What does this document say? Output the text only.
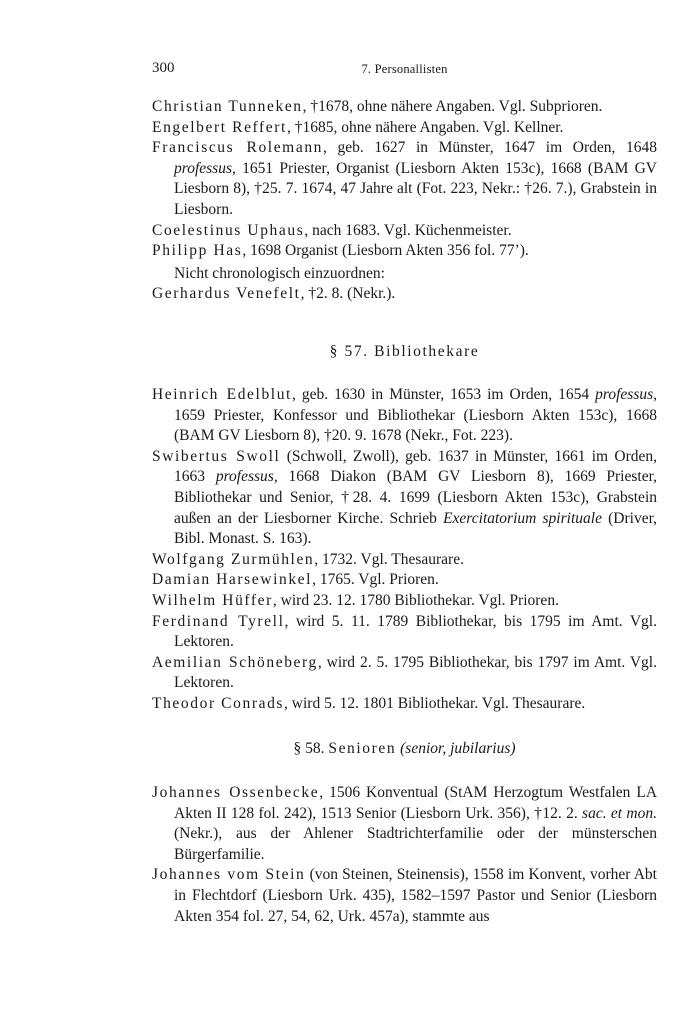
300	7. Personallisten
Christian Tunneken, †1678, ohne nähere Angaben. Vgl. Subprioren.
Engelbert Reffert, †1685, ohne nähere Angaben. Vgl. Kellner.
Franciscus Rolemann, geb. 1627 in Münster, 1647 im Orden, 1648 professus, 1651 Priester, Organist (Liesborn Akten 153c), 1668 (BAM GV Liesborn 8), †25. 7. 1674, 47 Jahre alt (Fot. 223, Nekr.: †26. 7.), Grabstein in Liesborn.
Coelestinus Uphaus, nach 1683. Vgl. Küchenmeister.
Philipp Has, 1698 Organist (Liesborn Akten 356 fol. 77’).
Nicht chronologisch einzuordnen:
Gerhardus Venefelt, †2. 8. (Nekr.).
§ 57. Bibliothekare
Heinrich Edelblut, geb. 1630 in Münster, 1653 im Orden, 1654 professus, 1659 Priester, Konfessor und Bibliothekar (Liesborn Akten 153c), 1668 (BAM GV Liesborn 8), †20. 9. 1678 (Nekr., Fot. 223).
Swibertus Swoll (Schwoll, Zwoll), geb. 1637 in Münster, 1661 im Orden, 1663 professus, 1668 Diakon (BAM GV Liesborn 8), 1669 Priester, Bibliothekar und Senior, †28. 4. 1699 (Liesborn Akten 153c), Grabstein außen an der Liesborner Kirche. Schrieb Exercitatorium spirituale (Driver, Bibl. Monast. S. 163).
Wolfgang Zurmühlen, 1732. Vgl. Thesaurare.
Damian Harsewinkel, 1765. Vgl. Prioren.
Wilhelm Hüffer, wird 23. 12. 1780 Bibliothekar. Vgl. Prioren.
Ferdinand Tyrell, wird 5. 11. 1789 Bibliothekar, bis 1795 im Amt. Vgl. Lektoren.
Aemilian Schöneberg, wird 2. 5. 1795 Bibliothekar, bis 1797 im Amt. Vgl. Lektoren.
Theodor Conrads, wird 5. 12. 1801 Bibliothekar. Vgl. Thesaurare.
§ 58. Senioren (senior, jubilarius)
Johannes Ossenbecke, 1506 Konventual (StAM Herzogtum Westfalen LA Akten II 128 fol. 242), 1513 Senior (Liesborn Urk. 356), †12. 2. sac. et mon. (Nekr.), aus der Ahlener Stadtrichterfamilie oder der münsterschen Bürgerfamilie.
Johannes vom Stein (von Steinen, Steinensis), 1558 im Konvent, vorher Abt in Flechtdorf (Liesborn Urk. 435), 1582–1597 Pastor und Senior (Liesborn Akten 354 fol. 27, 54, 62, Urk. 457a), stammte aus
